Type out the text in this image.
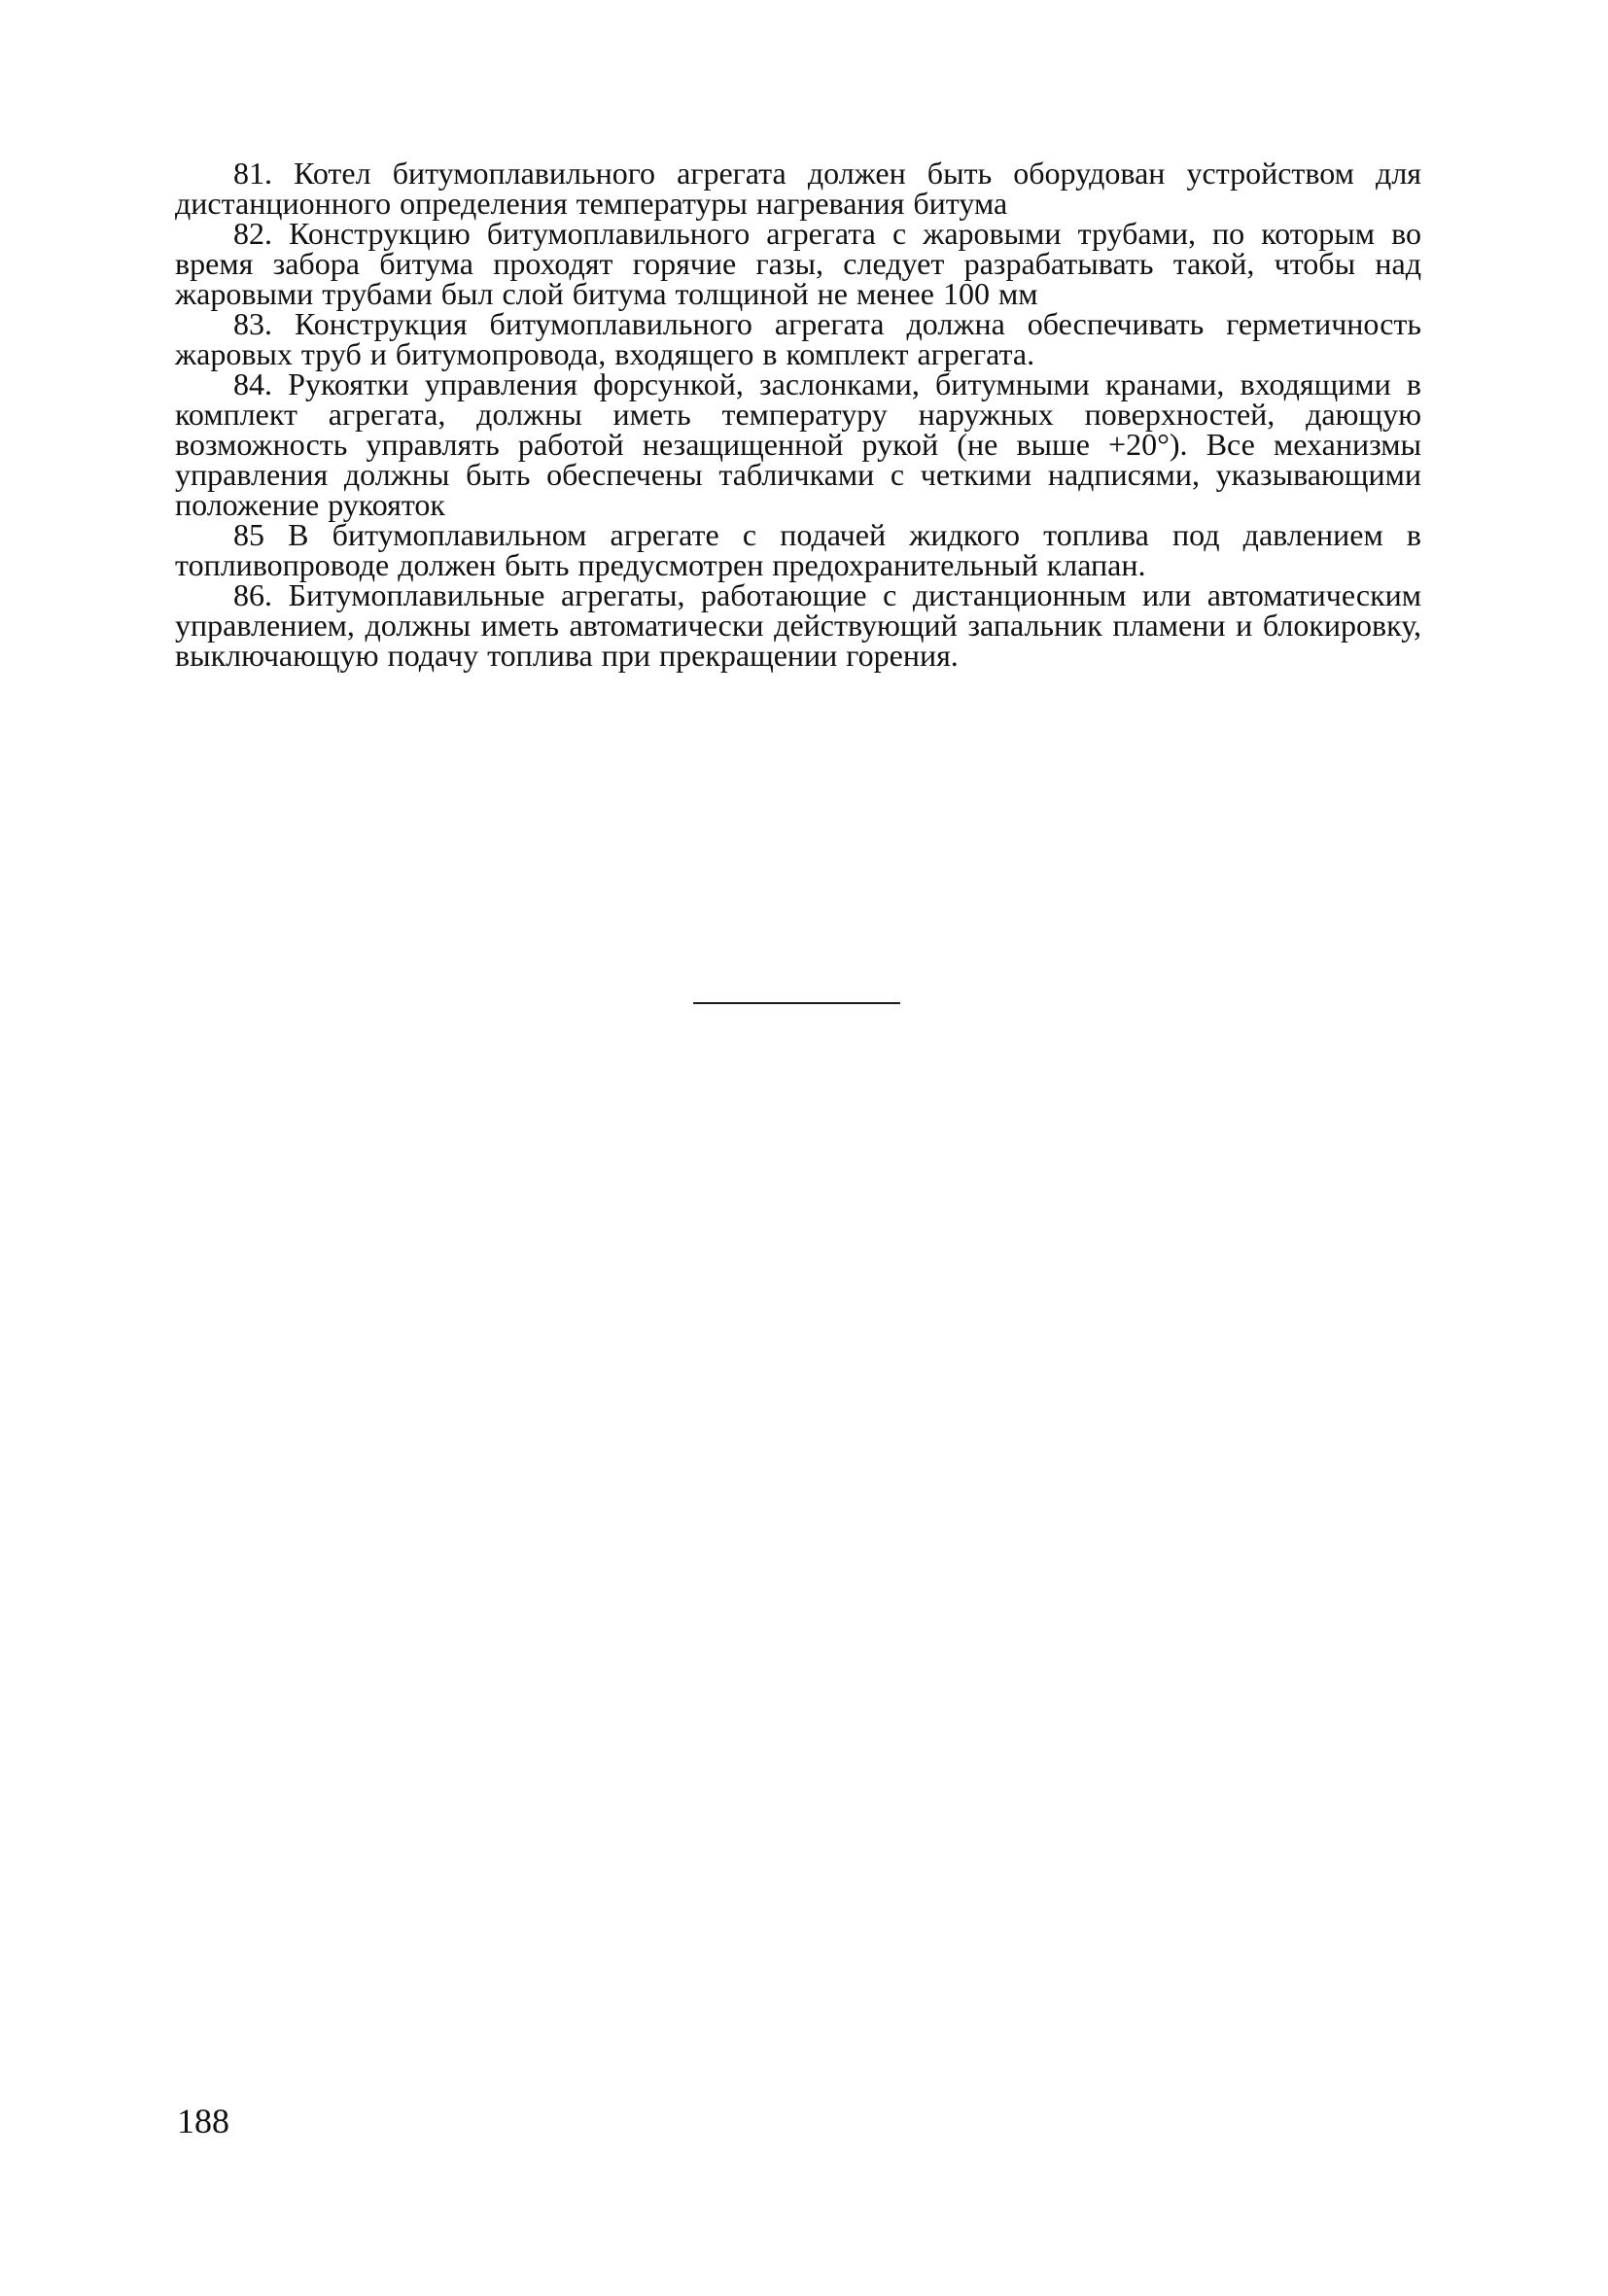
81. Котел битумоплавильного агрегата должен быть оборудован устройством для дистанционного определения температуры нагревания битума

82. Конструкцию битумоплавильного агрегата с жаровыми трубами, по которым во время забора битума проходят горячие газы, следует разрабатывать такой, чтобы над жаровыми трубами был слой битума толщиной не менее 100 мм

83. Конструкция битумоплавильного агрегата должна обеспечивать герметичность жаровых труб и битумопровода, входящего в комплект агрегата.

84. Рукоятки управления форсункой, заслонками, битумными кранами, входящими в комплект агрегата, должны иметь температуру наружных поверхностей, дающую возможность управлять работой незащищенной рукой (не выше +20°). Все механизмы управления должны быть обеспечены табличками с четкими надписями, указывающими положение рукояток

85 В битумоплавильном агрегате с подачей жидкого топлива под давлением в топливопроводе должен быть предусмотрен предохранительный клапан.

86. Битумоплавильные агрегаты, работающие с дистанционным или автоматическим управлением, должны иметь автоматически действующий запальник пламени и блокировку, выключающую подачу топлива при прекращении горения.

188
